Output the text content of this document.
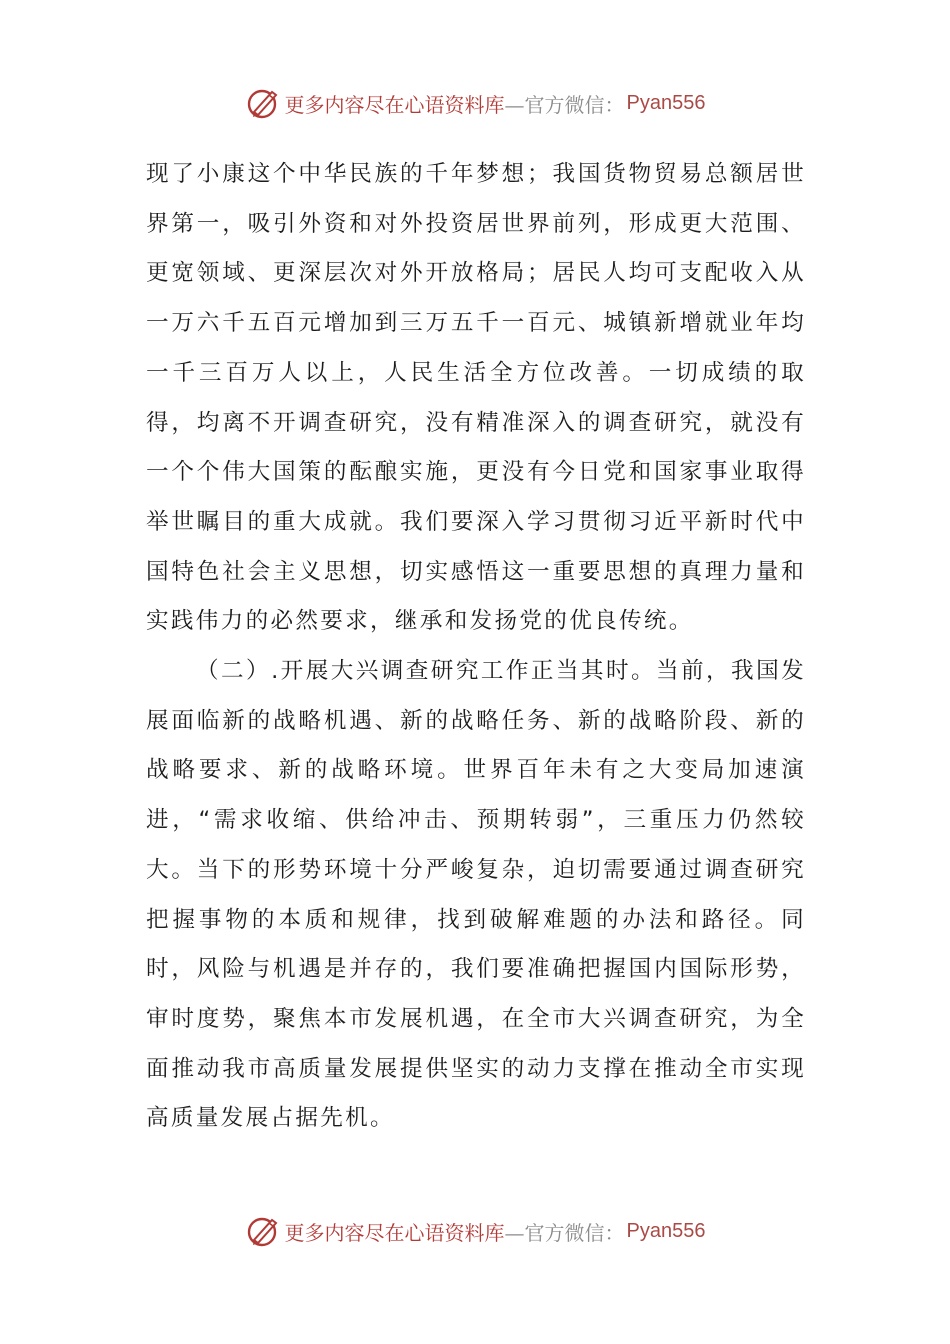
更多内容尽在心语资料库 —官方微信： Pyan556

现了小康这个中华民族的千年梦想；我国货物贸易总额居世界第一，吸引外资和对外投资居世界前列，形成更大范围、更宽领域、更深层次对外开放格局；居民人均可支配收入从一万六千五百元增加到三万五千一百元、城镇新增就业年均一千三百万人以上，人民生活全方位改善。一切成绩的取得，均离不开调查研究，没有精准深入的调查研究，就没有一个个伟大国策的酝酿实施，更没有今日党和国家事业取得举世瞩目的重大成就。我们要深入学习贯彻习近平新时代中国特色社会主义思想，切实感悟这一重要思想的真理力量和实践伟力的必然要求，继承和发扬党的优良传统。

（二）.开展大兴调查研究工作正当其时。当前，我国发展面临新的战略机遇、新的战略任务、新的战略阶段、新的战略要求、新的战略环境。世界百年未有之大变局加速演进，“需求收缩、供给冲击、预期转弱”，三重压力仍然较大。当下的形势环境十分严峻复杂，迫切需要通过调查研究把握事物的本质和规律，找到破解难题的办法和路径。同时，风险与机遇是并存的，我们要准确把握国内国际形势，审时度势，聚焦本市发展机遇，在全市大兴调查研究，为全面推动我市高质量发展提供坚实的动力支撑在推动全市实现高质量发展占据先机。

更多内容尽在心语资料库 —官方微信： Pyan556
